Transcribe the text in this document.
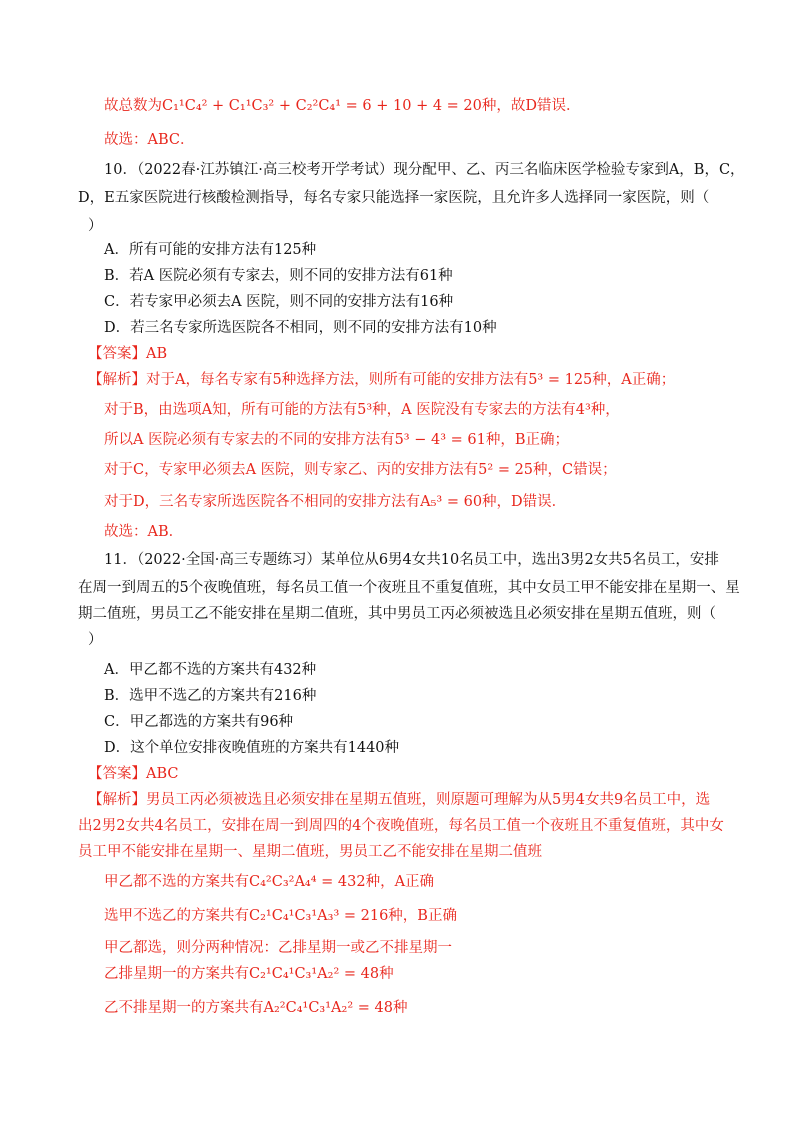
故总数为C₁¹C₄² + C₁¹C₃² + C₂²C₄¹ = 6 + 10 + 4 = 20种，故D错误．
故选：ABC．
10．（2022春·江苏镇江·高三校考开学考试）现分配甲、乙、丙三名临床医学检验专家到A，B，C，
D，E五家医院进行核酸检测指导，每名专家只能选择一家医院，且允许多人选择同一家医院，则（
）
A．所有可能的安排方法有125种
B．若A 医院必须有专家去，则不同的安排方法有61种
C．若专家甲必须去A 医院，则不同的安排方法有16种
D．若三名专家所选医院各不相同，则不同的安排方法有10种
【答案】AB
【解析】对于A，每名专家有5种选择方法，则所有可能的安排方法有5³ = 125种，A正确；
对于B，由选项A知，所有可能的方法有5³种，A 医院没有专家去的方法有4³种，
所以A 医院必须有专家去的不同的安排方法有5³ − 4³ = 61种，B正确；
对于C，专家甲必须去A 医院，则专家乙、丙的安排方法有5² = 25种，C错误；
对于D，三名专家所选医院各不相同的安排方法有A₅³ = 60种，D错误．
故选：AB．
11．（2022·全国·高三专题练习）某单位从6男4女共10名员工中，选出3男2女共5名员工，安排
在周一到周五的5个夜晚值班，每名员工值一个夜班且不重复值班，其中女员工甲不能安排在星期一、星
期二值班，男员工乙不能安排在星期二值班，其中男员工丙必须被选且必须安排在星期五值班，则（
）
A．甲乙都不选的方案共有432种
B．选甲不选乙的方案共有216种
C．甲乙都选的方案共有96种
D．这个单位安排夜晚值班的方案共有1440种
【答案】ABC
【解析】男员工丙必须被选且必须安排在星期五值班，则原题可理解为从5男4女共9名员工中，选
出2男2女共4名员工，安排在周一到周四的4个夜晚值班，每名员工值一个夜班且不重复值班，其中女
员工甲不能安排在星期一、星期二值班，男员工乙不能安排在星期二值班
甲乙都不选的方案共有C₄²C₃²A₄⁴ = 432种，A正确
选甲不选乙的方案共有C₂¹C₄¹C₃¹A₃³ = 216种，B正确
甲乙都选，则分两种情况：乙排星期一或乙不排星期一
乙排星期一的方案共有C₂¹C₄¹C₃¹A₂² = 48种
乙不排星期一的方案共有A₂²C₄¹C₃¹A₂² = 48种
